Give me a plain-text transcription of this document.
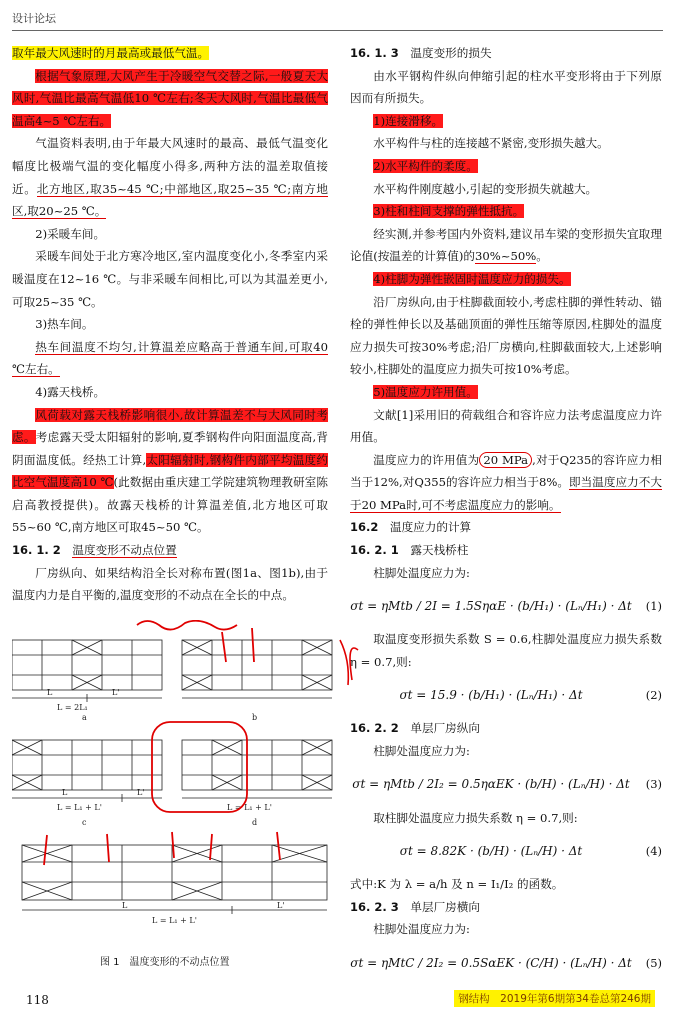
设计论坛

取年最大风速时的月最高或最低气温。

根据气象原理,大风产生于冷暖空气交替之际,一般夏天大风时,气温比最高气温低10 ℃左右;冬天大风时,气温比最低气温高4~5 ℃左右。

气温资料表明,由于年最大风速时的最高、最低气温变化幅度比极端气温的变化幅度小得多,两种方法的温差取值接近。北方地区,取35~45 ℃;中部地区,取25~35 ℃;南方地区,取20~25 ℃。

2)采暖车间。

采暖车间处于北方寒冷地区,室内温度变化小,冬季室内采暖温度在12~16 ℃。与非采暖车间相比,可以为其温差更小,可取25~35 ℃。

3)热车间。

热车间温度不均匀,计算温差应略高于普通车间,可取40 ℃左右。

4)露天栈桥。

风荷载对露天栈桥影响很小,故计算温差不与大风同时考虑。考虑露天受太阳辐射的影响,夏季钢构件向阳面温度高,背阴面温度低。经热工计算,太阳辐射时,钢构件内部平均温度约比空气温度高10 ℃(此数据由重庆建工学院建筑物理教研室陈启高教授提供)。故露天栈桥的计算温差值,北方地区可取55~60 ℃,南方地区可取45~50 ℃。

16. 1. 2　 温度变形不动点位置

厂房纵向、如果结构沿全长对称布置(图1a、图1b),由于温度内力是自平衡的,温度变形的不动点在全长的中点。

L	L'
L = 2L₁
a	b
L	L'
L = L₁ + L'
c
L = L₁ + L'
d
L	L'
L = L₁ + L'
图 1　温度变形的不动点位置

16. 1. 3　 温度变形的损失

由水平钢构件纵向伸缩引起的柱水平变形将由于下列原因而有所损失。

1)连接滑移。

水平构件与柱的连接越不紧密,变形损失越大。

2)水平构件的柔度。

水平构件刚度越小,引起的变形损失就越大。

3)柱和柱间支撑的弹性抵抗。

经实测,并参考国内外资料,建议吊车梁的变形损失宜取理论值(按温差的计算值)的30%~50%。

4)柱脚为弹性嵌固时温度应力的损失。

沿厂房纵向,由于柱脚截面较小,考虑柱脚的弹性转动、锚栓的弹性伸长以及基础顶面的弹性压缩等原因,柱脚处的温度应力损失可按30%考虑;沿厂房横向,柱脚截面较大,上述影响较小,柱脚处的温度应力损失可按10%考虑。

5)温度应力许用值。

文献[1]采用旧的荷载组合和容许应力法考虑温度应力许用值。

温度应力的许用值为 20 MPa ,对于Q235的容许应力相当于12%,对Q355的容许应力相当于8%。即当温度应力不大于20 MPa时,可不考虑温度应力的影响。

16.2　 温度应力的计算

16. 2. 1　 露天栈桥柱

柱脚处温度应力为:

σt = ηMtb / 2I = 1.5SηαE · (b/H₁) · (Lₙ/H₁) · Δt	(1)

取温度变形损失系数 S = 0.6,柱脚处温度应力损失系数 η = 0.7,则:

σt = 15.9 · (b/H₁) · (Lₙ/H₁) · Δt	(2)

16. 2. 2　 单层厂房纵向

柱脚处温度应力为:

σt = ηMtb / 2I₂ = 0.5ηαEK · (b/H) · (Lₙ/H) · Δt	(3)

取柱脚处温度应力损失系数 η = 0.7,则:

σt = 8.82K · (b/H) · (Lₙ/H) · Δt	(4)

式中:K 为 λ = a/h 及 n = I₁/I₂ 的函数。

16. 2. 3　 单层厂房横向

柱脚处温度应力为:

σt = ηMtC / 2I₂ = 0.5SαEK · (C/H) · (Lₙ/H) · Δt	(5)
118	钢结构　2019年第6期第34卷总第246期
